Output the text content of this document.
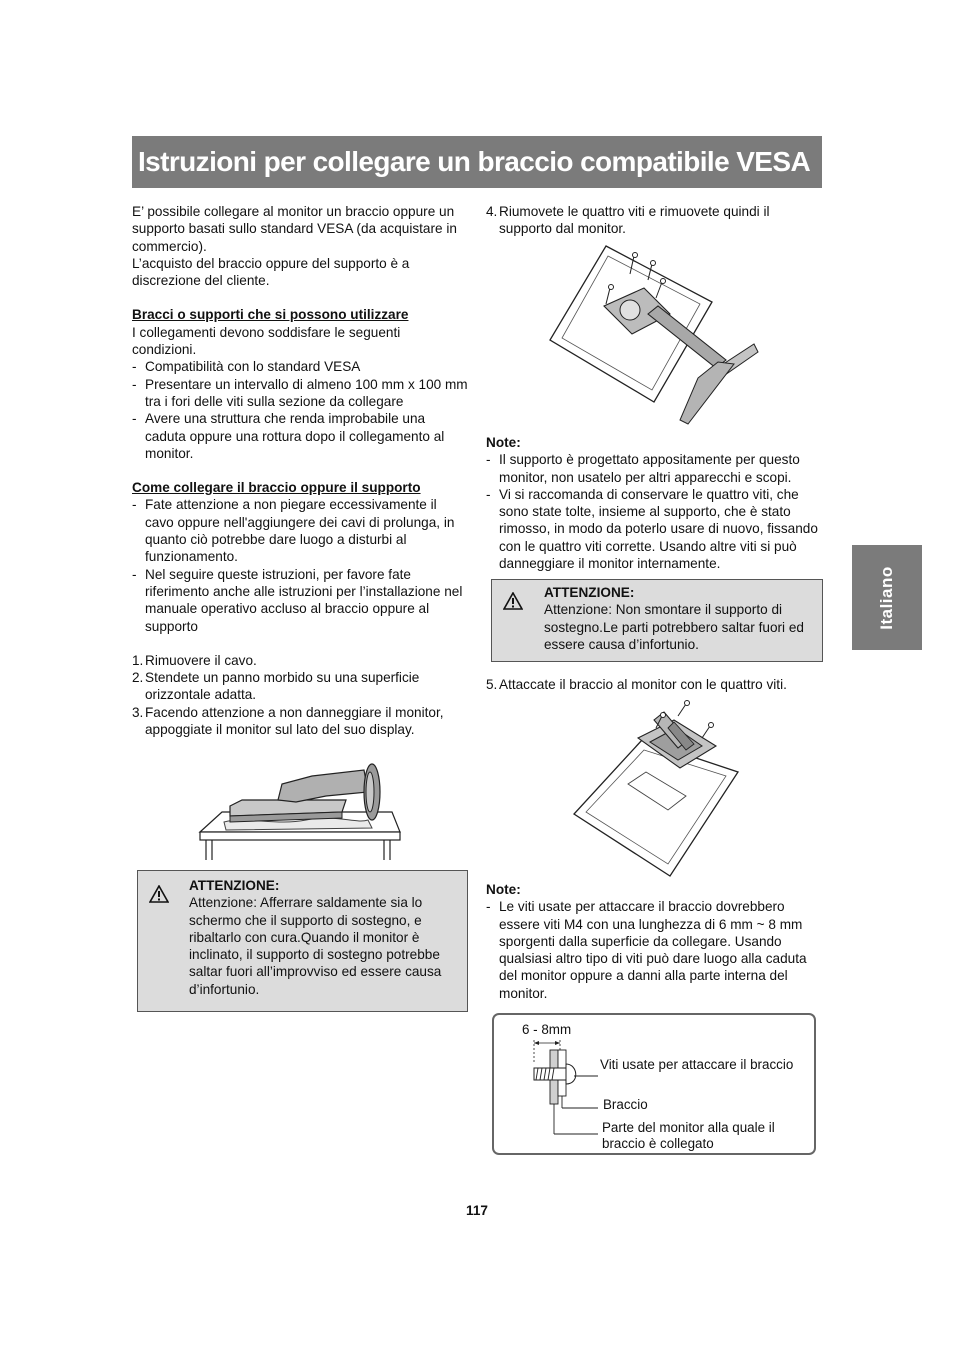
Istruzioni per collegare un braccio compatibile VESA
Italiano

E’ possibile collegare al monitor un braccio oppure un supporto basati sullo standard VESA (da acquistare in commercio).

L’acquisto del braccio oppure del supporto è a discrezione del cliente.

Bracci o supporti che si possono utilizzare

I collegamenti devono soddisfare le seguenti condizioni.

- Compatibilità con lo standard VESA

- Presentare un intervallo di almeno 100 mm x 100 mm tra i fori delle viti sulla sezione da collegare

- Avere una struttura che renda improbabile una caduta oppure una rottura dopo il collegamento al monitor.

Come collegare il braccio oppure il supporto

- Fate attenzione a non piegare eccessivamente il cavo oppure nell'aggiungere dei cavi di prolunga, in quanto ciò potrebbe dare luogo a disturbi al funzionamento.

- Nel seguire queste istruzioni, per favore fate riferimento anche alle istruzioni per l’installazione nel manuale operativo accluso al braccio oppure al supporto

1. Rimuovere il cavo.

2. Stendete un panno morbido su una superficie orizzontale adatta.

3. Facendo attenzione a non danneggiare il monitor, appoggiate il monitor sul lato del suo display.

ATTENZIONE:
Attenzione: Afferrare saldamente sia lo schermo che il supporto di sostegno, e ribaltarlo con cura.Quando il monitor è inclinato, il supporto di sostegno potrebbe saltar fuori all’improvviso ed essere causa d’infortunio.

4. Riumovete le quattro viti e rimuovete quindi il supporto dal monitor.

Note:

- Il supporto è progettato appositamente per questo monitor, non usatelo per altri apparecchi e scopi.

- Vi si raccomanda di conservare le quattro viti, che sono state tolte, insieme al supporto, che è stato rimosso, in modo da poterlo usare di nuovo, fissando con le quattro viti corrette. Usando altre viti si può danneggiare il monitor internamente.

ATTENZIONE:
Attenzione: Non smontare il supporto di sostegno.Le parti potrebbero saltar fuori ed essere causa d’infortunio.

5. Attaccate il braccio al monitor con le quattro viti.

Note:

- Le viti usate per attaccare il braccio dovrebbero essere viti M4 con una lunghezza di 6 mm ~ 8 mm sporgenti dalla superficie da collegare. Usando qualsiasi altro tipo di viti può dare luogo alla caduta del monitor oppure a danni alla parte interna del monitor.

6 - 8mm
Viti usate per attaccare il braccio
Braccio
Parte del monitor alla quale il braccio è collegato
117
